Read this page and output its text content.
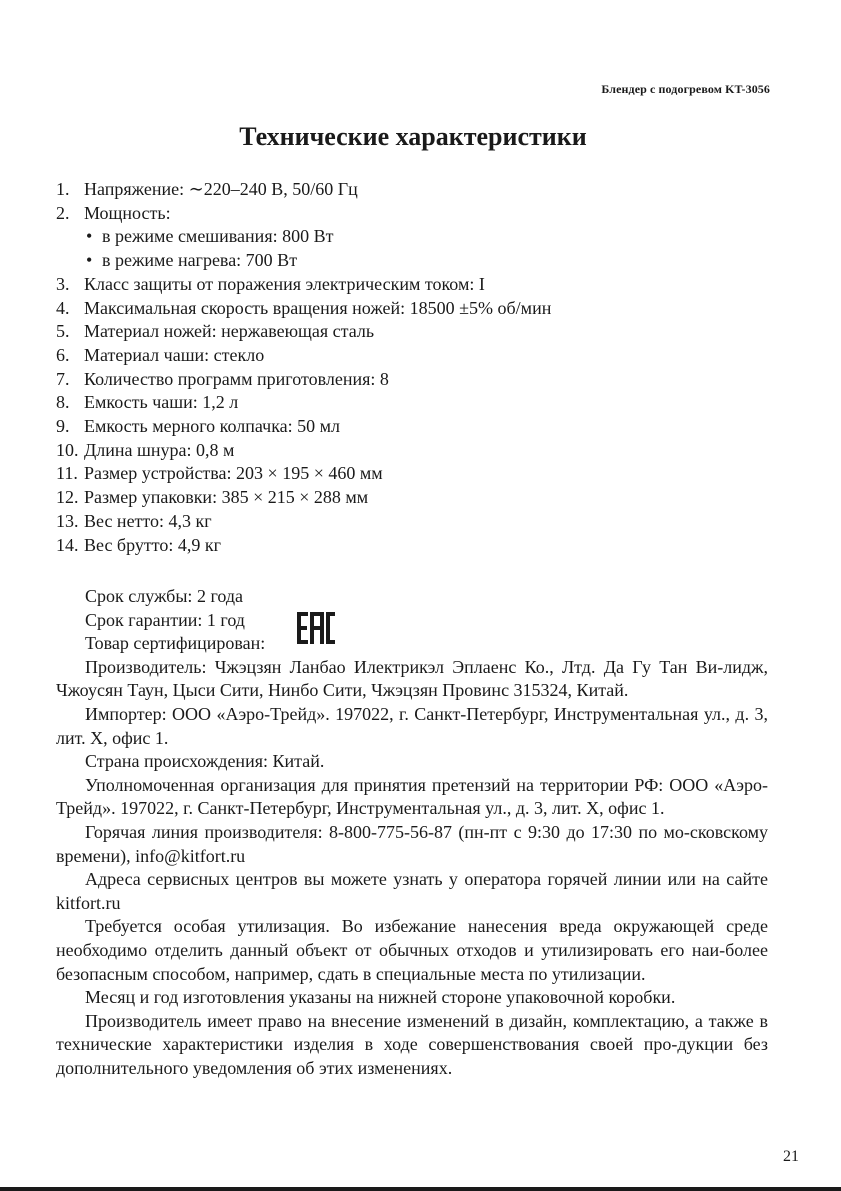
Блендер с подогревом KT-3056
Технические характеристики
1. Напряжение: ∼220–240 В, 50/60 Гц
2. Мощность:
• в режиме смешивания: 800 Вт
• в режиме нагрева: 700 Вт
3. Класс защиты от поражения электрическим током: I
4. Максимальная скорость вращения ножей: 18500 ±5% об/мин
5. Материал ножей: нержавеющая сталь
6. Материал чаши: стекло
7. Количество программ приготовления: 8
8. Емкость чаши: 1,2 л
9. Емкость мерного колпачка: 50 мл
10. Длина шнура: 0,8 м
11. Размер устройства: 203 × 195 × 460 мм
12. Размер упаковки: 385 × 215 × 288 мм
13. Вес нетто: 4,3 кг
14. Вес брутто: 4,9 кг

Срок службы: 2 года

Срок гарантии: 1 год

Товар сертифицирован:

Производитель: Чжэцзян Ланбао Илектрикэл Эплаенс Ко., Лтд. Да Гу Тан Ви-лидж, Чжоусян Таун, Цыси Сити, Нинбо Сити, Чжэцзян Провинс 315324, Китай.

Импортер: ООО «Аэро-Трейд». 197022, г. Санкт-Петербург, Инструментальная ул., д. 3, лит. Х, офис 1.

Страна происхождения: Китай.

Уполномоченная организация для принятия претензий на территории РФ: ООО «Аэро-Трейд». 197022, г. Санкт-Петербург, Инструментальная ул., д. 3, лит. Х, офис 1.

Горячая линия производителя: 8-800-775-56-87 (пн-пт с 9:30 до 17:30 по мо-сковскому времени), info@kitfort.ru

Адреса сервисных центров вы можете узнать у оператора горячей линии или на сайте kitfort.ru

Требуется особая утилизация. Во избежание нанесения вреда окружающей среде необходимо отделить данный объект от обычных отходов и утилизировать его наи-более безопасным способом, например, сдать в специальные места по утилизации.

Месяц и год изготовления указаны на нижней стороне упаковочной коробки.

Производитель имеет право на внесение изменений в дизайн, комплектацию, а также в технические характеристики изделия в ходе совершенствования своей про-дукции без дополнительного уведомления об этих изменениях.

21
